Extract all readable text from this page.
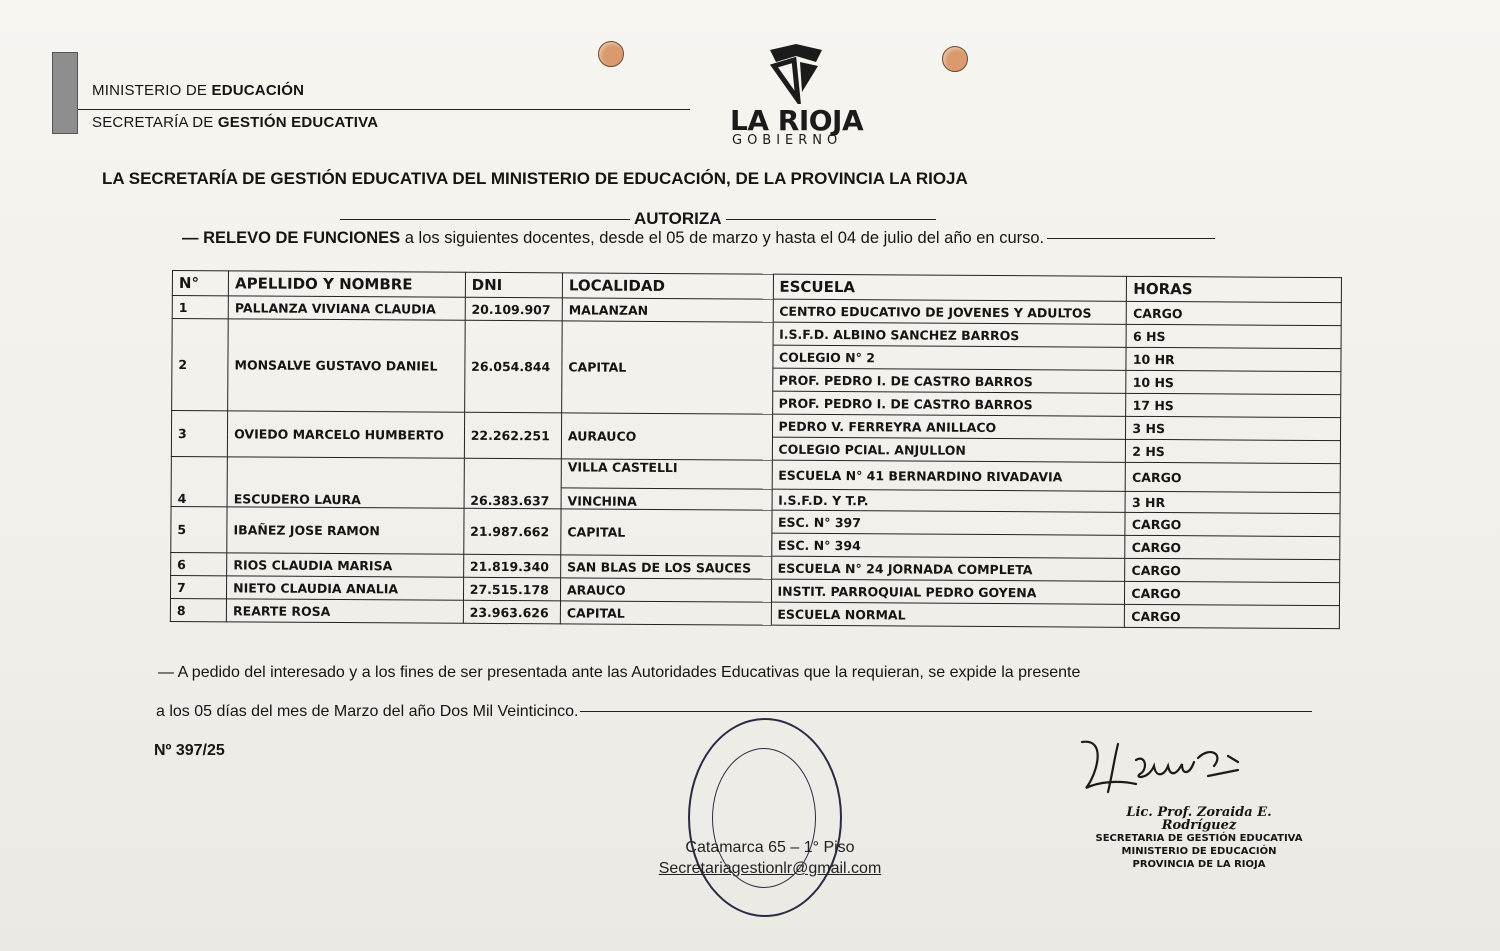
MINISTERIO DE EDUCACIÓN
SECRETARÍA DE GESTIÓN EDUCATIVA	LA RIOJA
GOBIERNO
LA SECRETARÍA DE GESTIÓN EDUCATIVA DEL MINISTERIO DE EDUCACIÓN, DE LA PROVINCIA LA RIOJA
AUTORIZA
— RELEVO DE FUNCIONES a los siguientes docentes, desde el 05 de marzo y hasta el 04 de julio del año en curso.
N°	APELLIDO Y NOMBRE	DNI	LOCALIDAD	ESCUELA	HORAS
1	PALLANZA VIVIANA CLAUDIA	20.109.907	MALANZAN	CENTRO EDUCATIVO DE JOVENES Y ADULTOS	CARGO
2	MONSALVE GUSTAVO DANIEL	26.054.844	CAPITAL	I.S.F.D. ALBINO SANCHEZ BARROS	6 HS
				COLEGIO N° 2	10 HR
				PROF. PEDRO I. DE CASTRO BARROS	10 HS
				PROF. PEDRO I. DE CASTRO BARROS	17 HS
3	OVIEDO MARCELO HUMBERTO	22.262.251	AURAUCO	PEDRO V. FERREYRA ANILLACO	3 HS
				COLEGIO PCIAL. ANJULLON	2 HS
4	ESCUDERO LAURA	26.383.637	VILLA CASTELLI	ESCUELA N° 41 BERNARDINO RIVADAVIA	CARGO
			VINCHINA	I.S.F.D. Y T.P.	3 HR
5	IBAÑEZ JOSE RAMON	21.987.662	CAPITAL	ESC. N° 397	CARGO
				ESC. N° 394	CARGO
6	RIOS CLAUDIA MARISA	21.819.340	SAN BLAS DE LOS SAUCES	ESCUELA N° 24 JORNADA COMPLETA	CARGO
7	NIETO CLAUDIA ANALIA	27.515.178	ARAUCO	INSTIT. PARROQUIAL PEDRO GOYENA	CARGO
8	REARTE ROSA	23.963.626	CAPITAL	ESCUELA NORMAL	CARGO
— A pedido del interesado y a los fines de ser presentada ante las Autoridades Educativas que la requieran, se expide la presente
a los 05 días del mes de Marzo del año Dos Mil Veinticinco.
Nº 397/25
Catamarca 65 – 1° Piso
Secretariagestionlr@gmail.com
Lic. Prof. Zoraida E. Rodríguez
SECRETARIA DE GESTIÓN EDUCATIVA
MINISTERIO DE EDUCACIÓN
PROVINCIA DE LA RIOJA
